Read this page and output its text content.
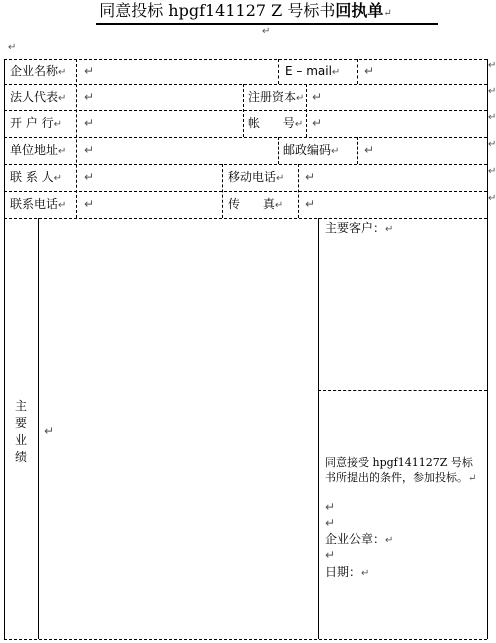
同意投标 hpgf141127 Z 号标书回执单↵
↵
↵
企业名称↵ ↵	E – mail↵ ↵
法人代表↵ ↵	注册资本↵ ↵
开 户 行↵ ↵	帐      号↵ ↵
单位地址↵ ↵	邮政编码↵ ↵
联 系 人↵ ↵	移动电话↵ ↵
联系电话↵ ↵	传      真↵ ↵
主
要
业
绩
↵
主要客户：↵
同意接受 hpgf141127Z 号标
书所提出的条件，参加投标。↵
↵
↵
企业公章：↵
↵
日期：↵
↵
↵
↵
↵
↵
↵
